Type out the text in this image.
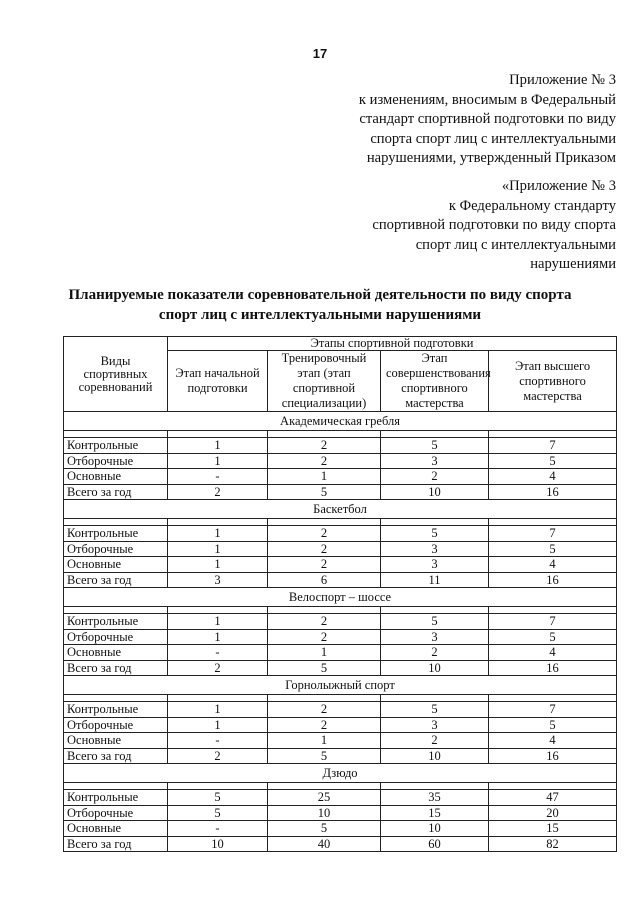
17
Приложение № 3
к изменениям, вносимым в Федеральный
стандарт спортивной подготовки по виду
спорта спорт лиц с интеллектуальными
нарушениями, утвержденный Приказом
«Приложение № 3
к Федеральному стандарту
спортивной подготовки по виду спорта
спорт лиц с интеллектуальными
нарушениями
Планируемые показатели соревновательной деятельности по виду спорта
спорт лиц с интеллектуальными нарушениями
Виды спортивных соревнований	Этапы спортивной подготовки			
	Этап начальной подготовки	Тренировочный этап (этап спортивной специализации)	Этап совершенствования спортивного мастерства	Этап высшего спортивного мастерства
Академическая гребля				

Контрольные	1	2	5	7
Отборочные	1	2	3	5
Основные	-	1	2	4
Всего за год	2	5	10	16
Баскетбол				

Контрольные	1	2	5	7
Отборочные	1	2	3	5
Основные	1	2	3	4
Всего за год	3	6	11	16
Велоспорт – шоссе				

Контрольные	1	2	5	7
Отборочные	1	2	3	5
Основные	-	1	2	4
Всего за год	2	5	10	16
Горнолыжный спорт				

Контрольные	1	2	5	7
Отборочные	1	2	3	5
Основные	-	1	2	4
Всего за год	2	5	10	16
Дзюдо				

Контрольные	5	25	35	47
Отборочные	5	10	15	20
Основные	-	5	10	15
Всего за год	10	40	60	82
